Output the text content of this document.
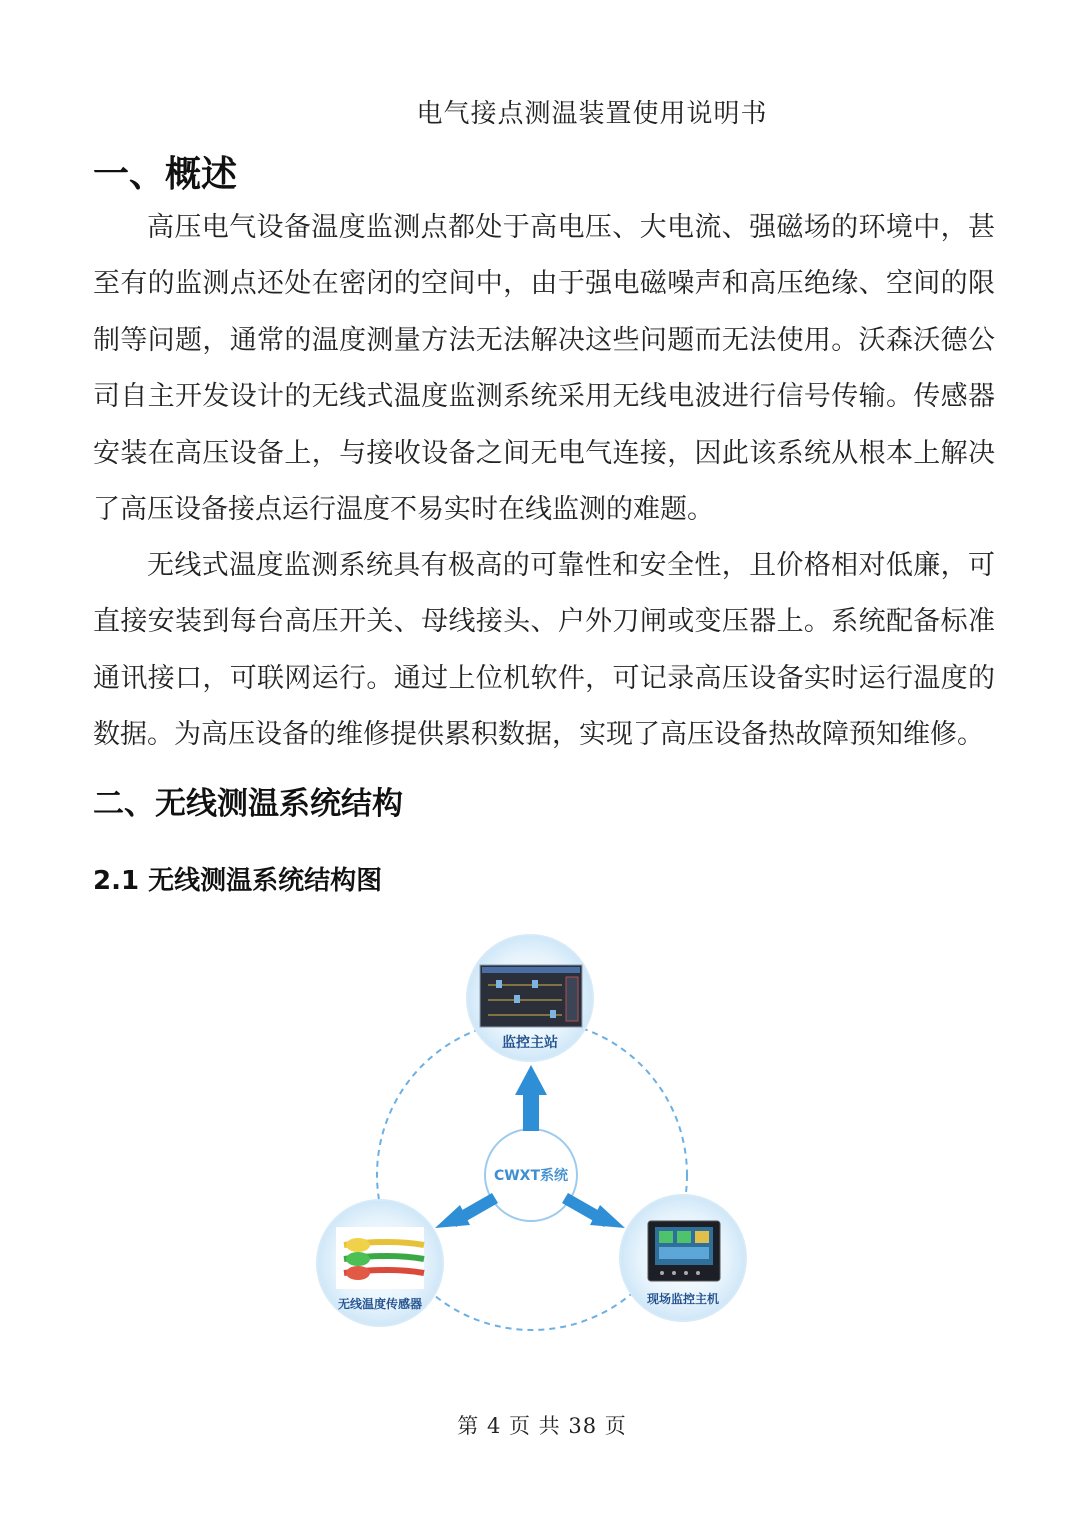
电气接点测温装置使用说明书
一、概述

高压电气设备温度监测点都处于高电压、大电流、强磁场的环境中，甚至有的监测点还处在密闭的空间中，由于强电磁噪声和高压绝缘、空间的限制等问题，通常的温度测量方法无法解决这些问题而无法使用。沃森沃德公司自主开发设计的无线式温度监测系统采用无线电波进行信号传输。传感器安装在高压设备上，与接收设备之间无电气连接，因此该系统从根本上解决了高压设备接点运行温度不易实时在线监测的难题。

无线式温度监测系统具有极高的可靠性和安全性，且价格相对低廉，可直接安装到每台高压开关、母线接头、户外刀闸或变压器上。系统配备标准通讯接口，可联网运行。通过上位机软件，可记录高压设备实时运行温度的数据。为高压设备的维修提供累积数据，实现了高压设备热故障预知维修。

二、无线测温系统结构
2.1 无线测温系统结构图
监控主站
CWXT系统
无线温度传感器	现场监控主机
第 4 页 共 38 页
